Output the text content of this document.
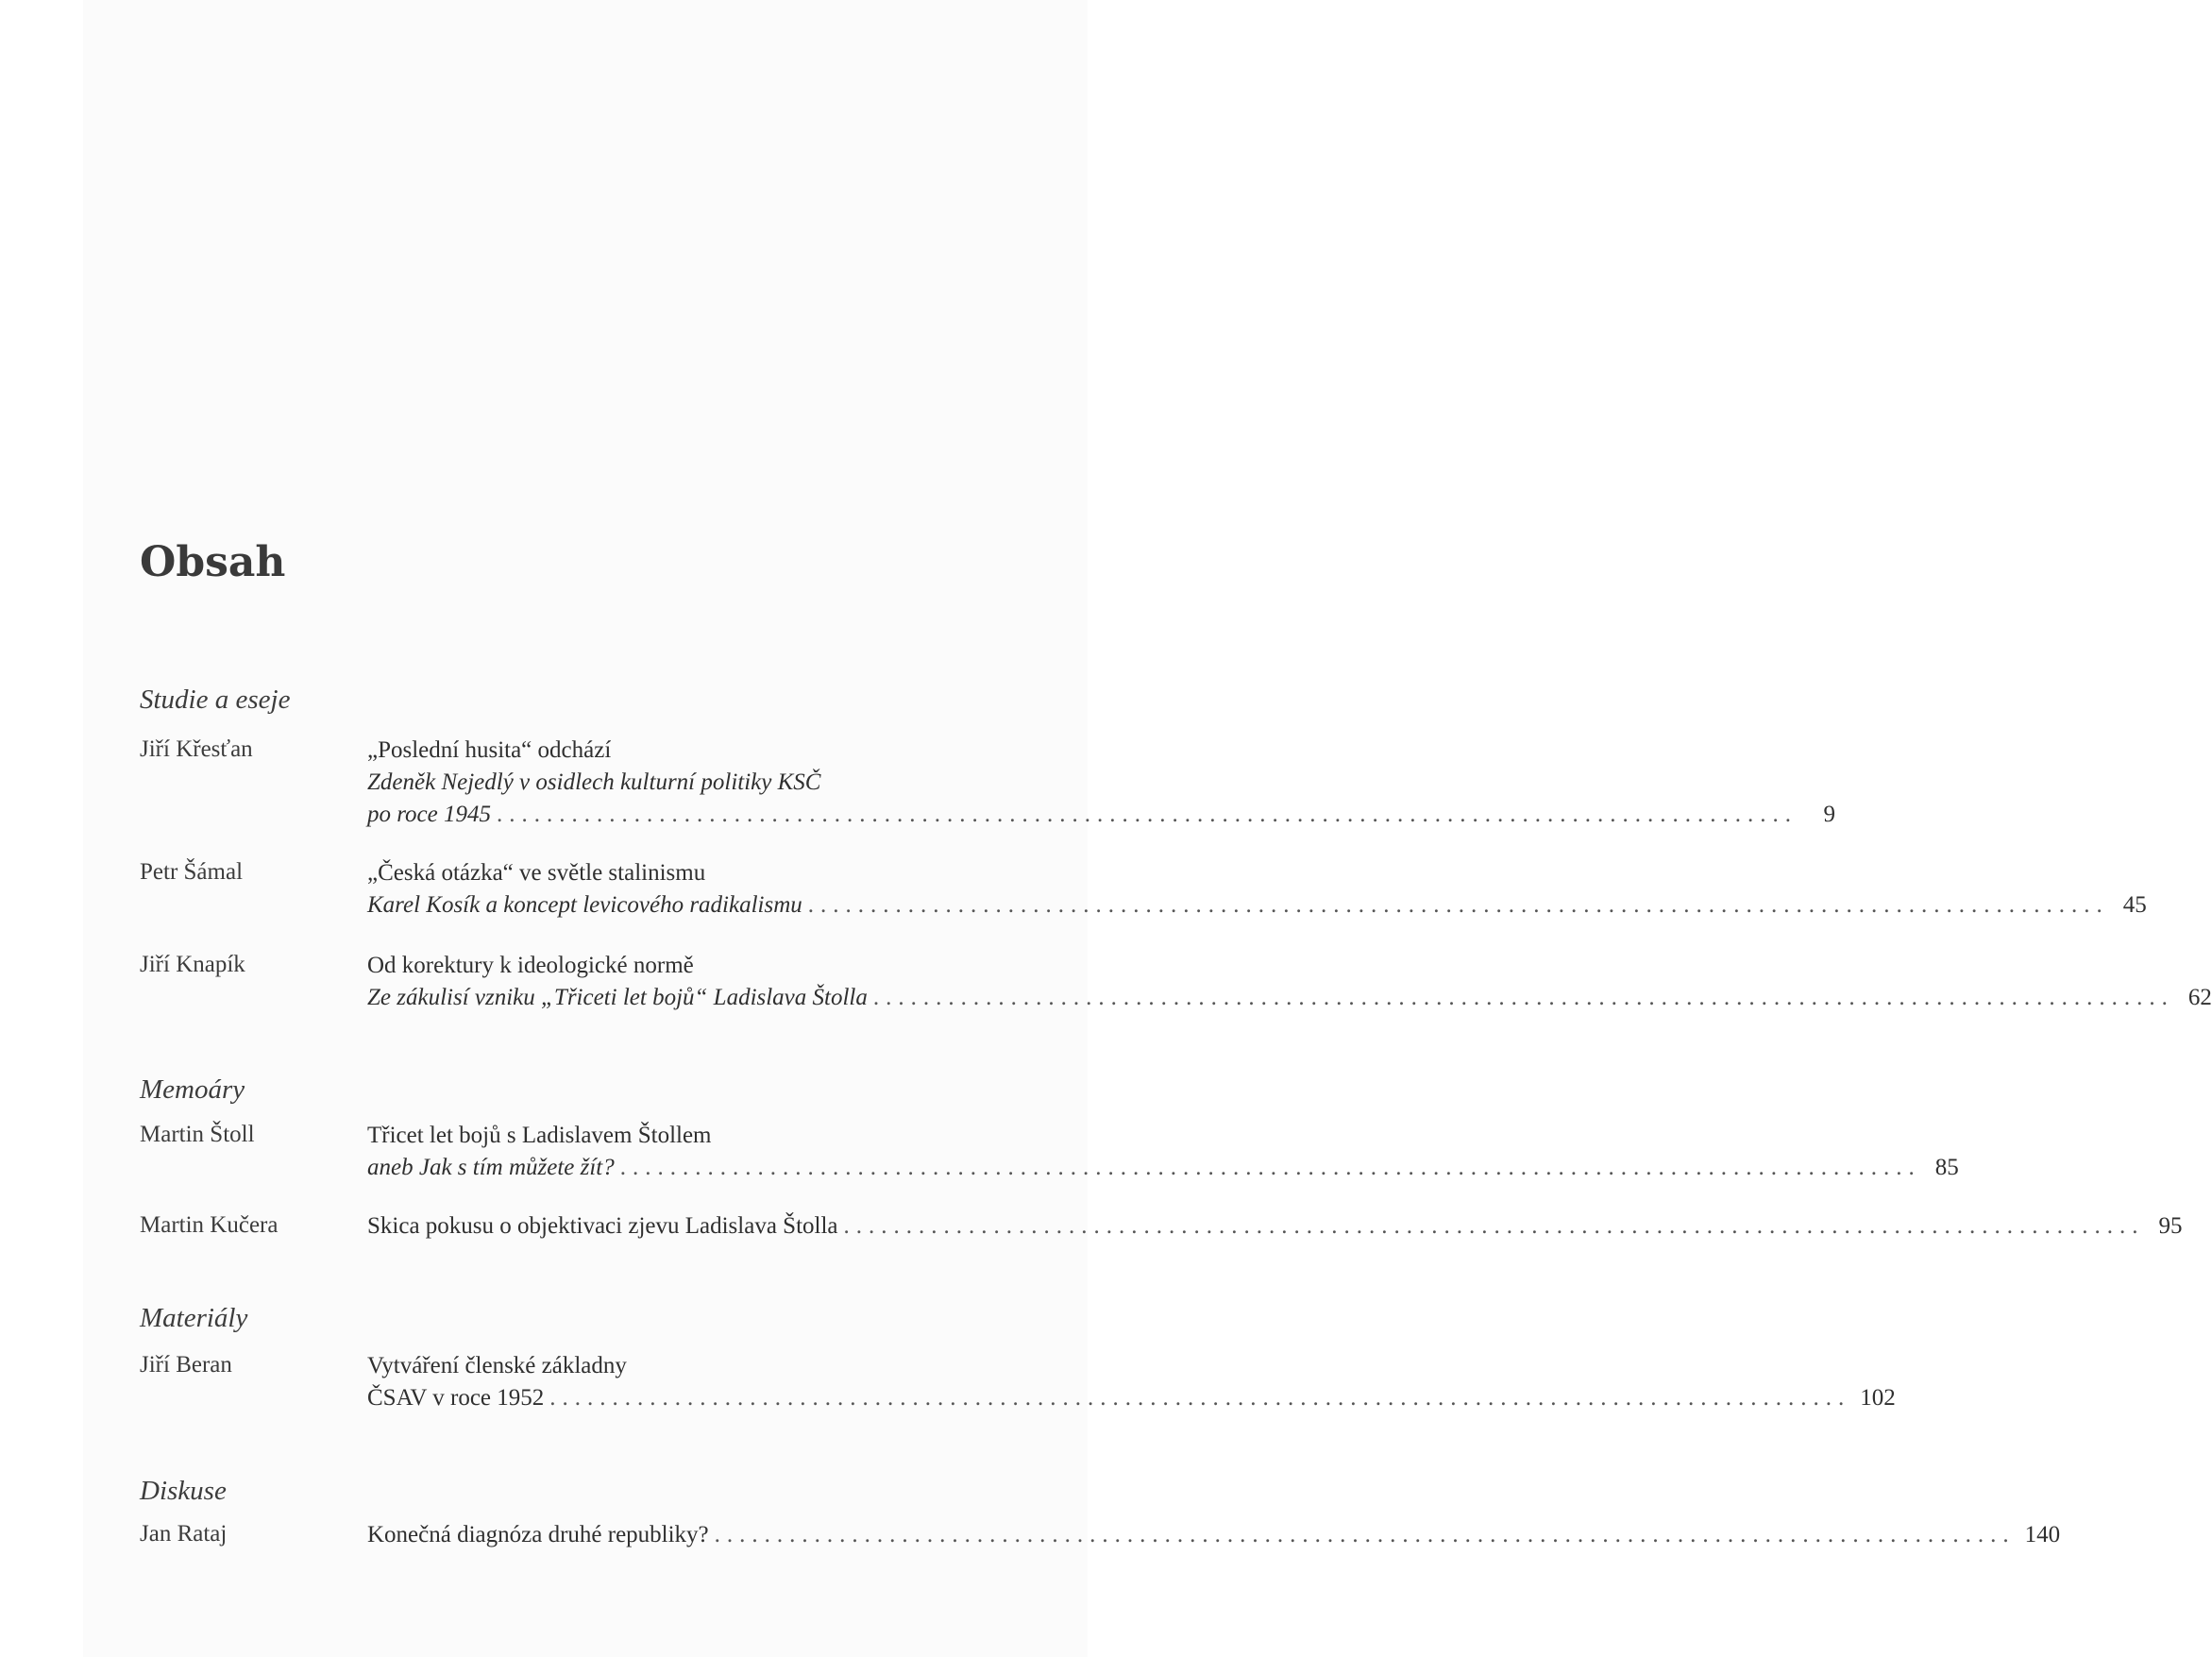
Obsah
Studie a eseje
Jiří Křesťan	„Poslední husita“ odchází
Zdeněk Nejedlý v osidlech kulturní politiky KSČ
po roce 1945 ........................................................................................................	9
Petr Šámal	„Česká otázka“ ve světle stalinismu
Karel Kosík a koncept levicového radikalismu ........................................................................................................ 45
Jiří Knapík	Od korektury k ideologické normě
Ze zákulisí vzniku „Třiceti let bojů“ Ladislava Štolla ........................................................................................................ 62
Memoáry
Martin Štoll	Třicet let bojů s Ladislavem Štollem
aneb Jak s tím můžete žít? ........................................................................................................ 85
Martin Kučera	Skica pokusu o objektivaci zjevu Ladislava Štolla ........................................................................................................ 95
Materiály
Jiří Beran	Vytváření členské základny
ČSAV v roce 1952 ........................................................................................................ 102
Diskuse
Jan Rataj	Konečná diagnóza druhé republiky? ........................................................................................................ 140
